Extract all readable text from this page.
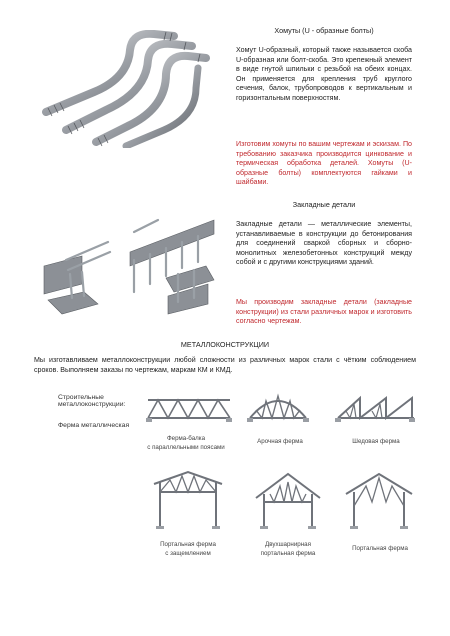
Хомуты (U - образные болты)

Хомут U-образный, который также называется скоба U-образная или болт-скоба. Это крепежный элемент в виде гнутой шпильки с резьбой на обеих концах. Он применяется для крепления труб круглого сечения, балок, трубопроводов к вертикальным и горизонтальным поверхностям.

Изготовим хомуты по вашим чертежам и эскизам. По требованию заказчика производится цинкование и термическая обработка деталей. Хомуты (U-образные болты) комплектуются гайками и шайбами.

Закладные детали

Закладные детали — металлические элементы, устанавливаемые в конструкции до бетонирования для соединений сваркой сборных и сборно-монолитных железобетонных конструкций между собой и с другими конструкциями зданий.

Мы производим закладные детали (закладные конструкции) из стали различных марок и изготовить согласно чертежам.

МЕТАЛЛОКОНСТРУКЦИИ

Мы изготавливаем металлоконструкции любой сложности из различных марок стали с чётким соблюдением сроков. Выполняем заказы по чертежам, маркам КМ и КМД.

Строительные металлоконструкции:
Ферма металлическая
Ферма-балка
с параллельными поясами
Арочная ферма	Шедовая ферма
Портальная ферма
с защемлением
Двухшарнирная
портальная ферма
Портальная ферма
